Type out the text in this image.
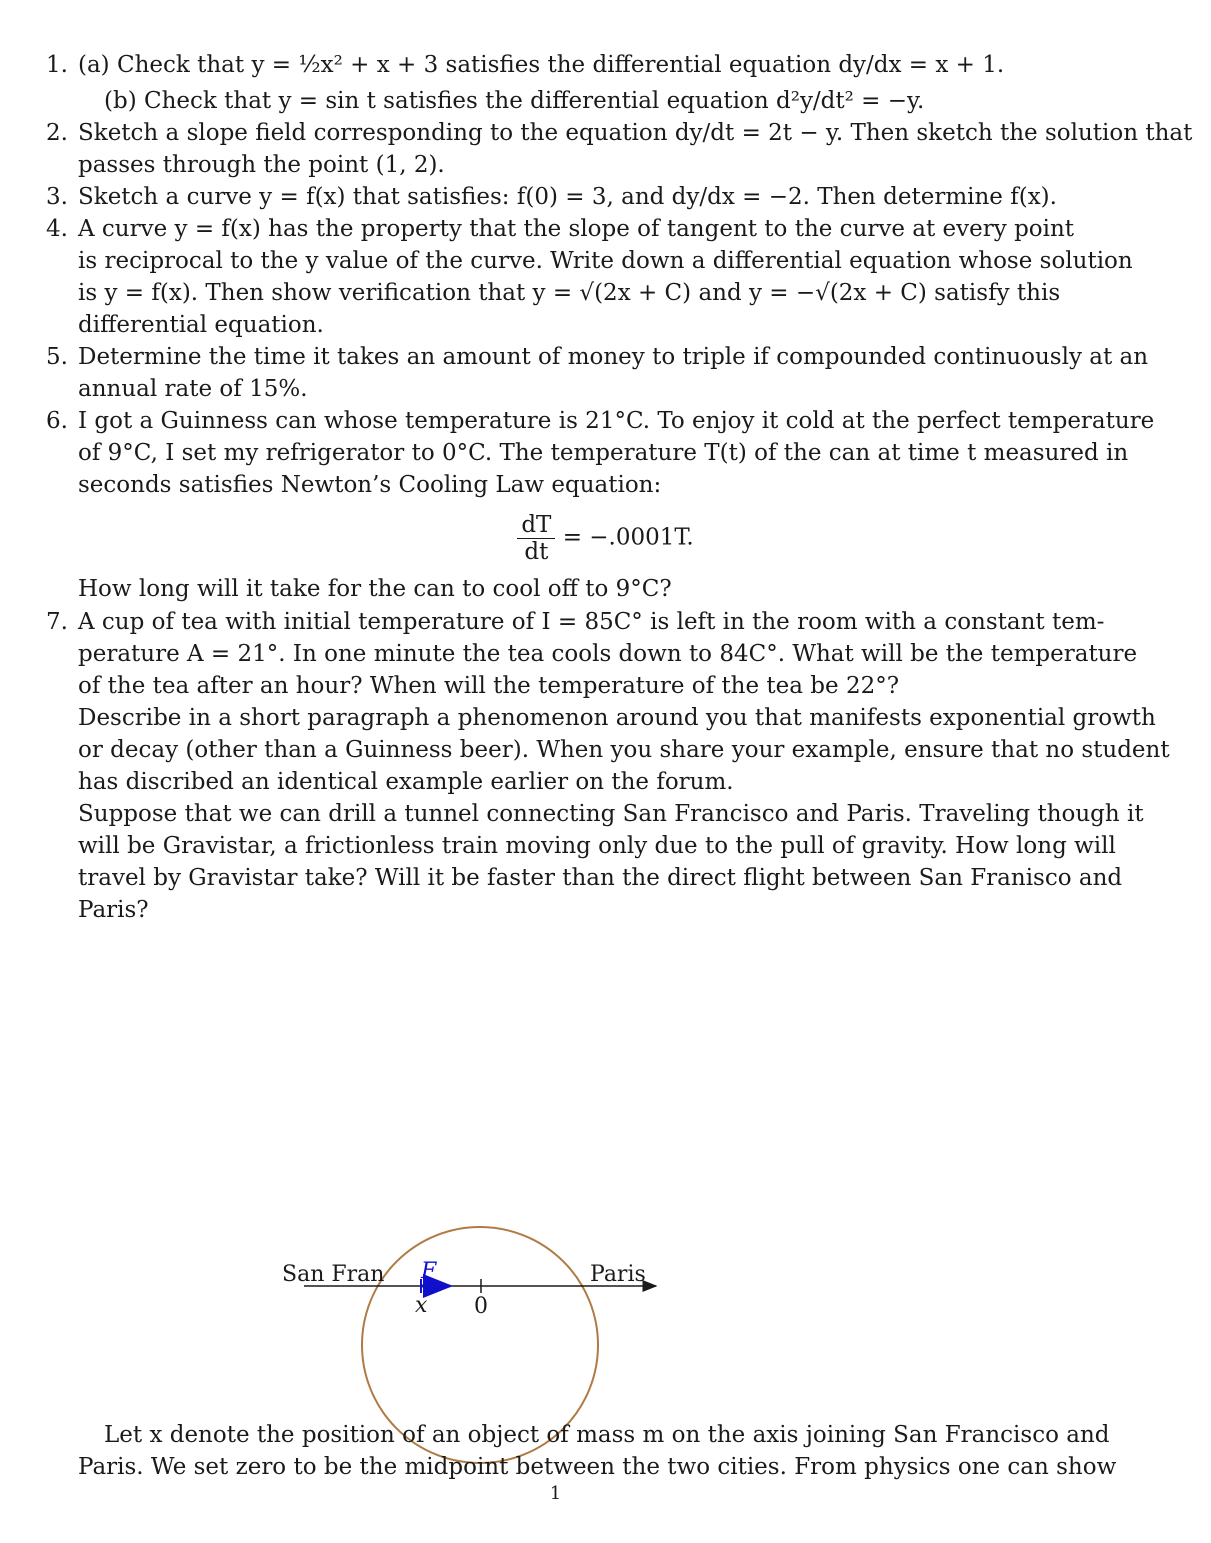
1. (a) Check that y = ½x² + x + 3 satisfies the differential equation dy/dx = x + 1.
(b) Check that y = sin t satisfies the differential equation d²y/dt² = −y.
2. Sketch a slope field corresponding to the equation dy/dt = 2t − y. Then sketch the solution that
passes through the point (1, 2).
3. Sketch a curve y = f(x) that satisfies: f(0) = 3, and dy/dx = −2. Then determine f(x).
4. A curve y = f(x) has the property that the slope of tangent to the curve at every point
is reciprocal to the y value of the curve. Write down a differential equation whose solution
is y = f(x). Then show verification that y = √(2x + C) and y = −√(2x + C) satisfy this
differential equation.
5. Determine the time it takes an amount of money to triple if compounded continuously at an
annual rate of 15%.
6. I got a Guinness can whose temperature is 21°C. To enjoy it cold at the perfect temperature
of 9°C, I set my refrigerator to 0°C. The temperature T(t) of the can at time t measured in
seconds satisfies Newton’s Cooling Law equation:
$\frac{dT}{dt} = -.0001T$.
How long will it take for the can to cool off to 9°C?
7. A cup of tea with initial temperature of I = 85C° is left in the room with a constant tem-
perature A = 21°. In one minute the tea cools down to 84C°. What will be the temperature
of the tea after an hour? When will the temperature of the tea be 22°?
Describe in a short paragraph a phenomenon around you that manifests exponential growth
or decay (other than a Guinness beer). When you share your example, ensure that no student
has discribed an identical example earlier on the forum.
Suppose that we can drill a tunnel connecting San Francisco and Paris. Traveling though it
will be Gravistar, a frictionless train moving only due to the pull of gravity. How long will
travel by Gravistar take? Will it be faster than the direct flight between San Franisco and
Paris?
San Fran	Paris
F
x 0
Let x denote the position of an object of mass m on the axis joining San Francisco and
Paris. We set zero to be the midpoint between the two cities. From physics one can show
1
